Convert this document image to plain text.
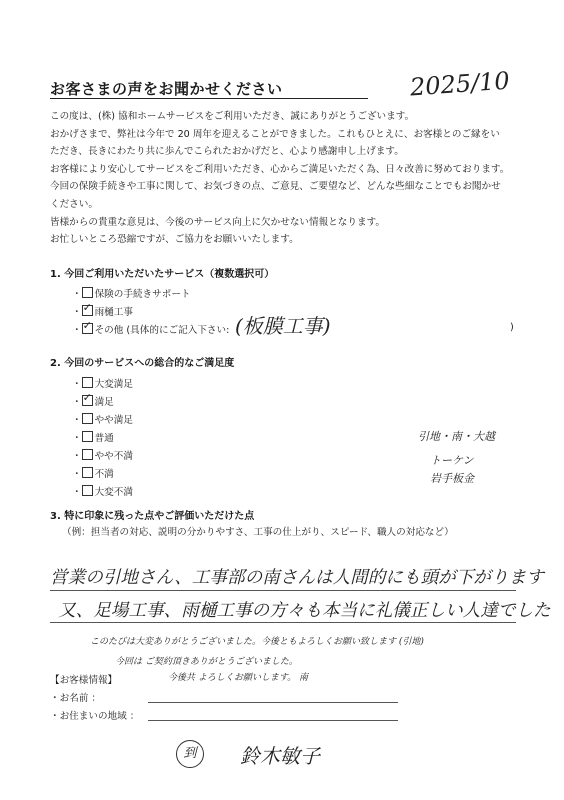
お客さまの声をお聞かせください	2025/10

この度は、(株) 協和ホームサービスをご利用いただき、誠にありがとうございます。

おかげさまで、弊社は今年で 20 周年を迎えることができました。これもひとえに、お客様とのご縁をい

ただき、長きにわたり共に歩んでこられたおかげだと、心より感謝申し上げます。

お客様により安心してサービスをご利用いただき、心からご満足いただく為、日々改善に努めております。

今回の保険手続きや工事に関して、お気づきの点、ご意見、ご要望など、どんな些細なことでもお聞かせ

ください。

皆様からの貴重な意見は、今後のサービス向上に欠かせない情報となります。

お忙しいところ恐縮ですが、ご協力をお願いいたします。

1. 今回ご利用いただいたサービス（複数選択可）
・ 保険の手続きサポート
・ ✓ 雨樋工事
・ ✓ その他 (具体的にご記入下さい: (板膜工事)	)
2. 今回のサービスへの総合的なご満足度
・ 大変満足
・ ✓ 満足
・ やや満足
・ 普通
・ やや不満
・ 不満
・ 大変不満
引地・南・大越
トーケン
岩手板金
3. 特に印象に残った点やご評価いただけた点
（例：担当者の対応、説明の分かりやすさ、工事の仕上がり、スピード、職人の対応など）
営業の引地さん、工事部の南さんは人間的にも頭が下がります
又、足場工事、雨樋工事の方々も本当に礼儀正しい人達でした
このたびは大変ありがとうございました。今後ともよろしくお願い致します (引地)
今回は ご契約頂きありがとうございました。
今後共 よろしくお願いします。 南
【お客様情報】
・お名前 ：
・お住まいの地域 ：
到	鈴木敏子
